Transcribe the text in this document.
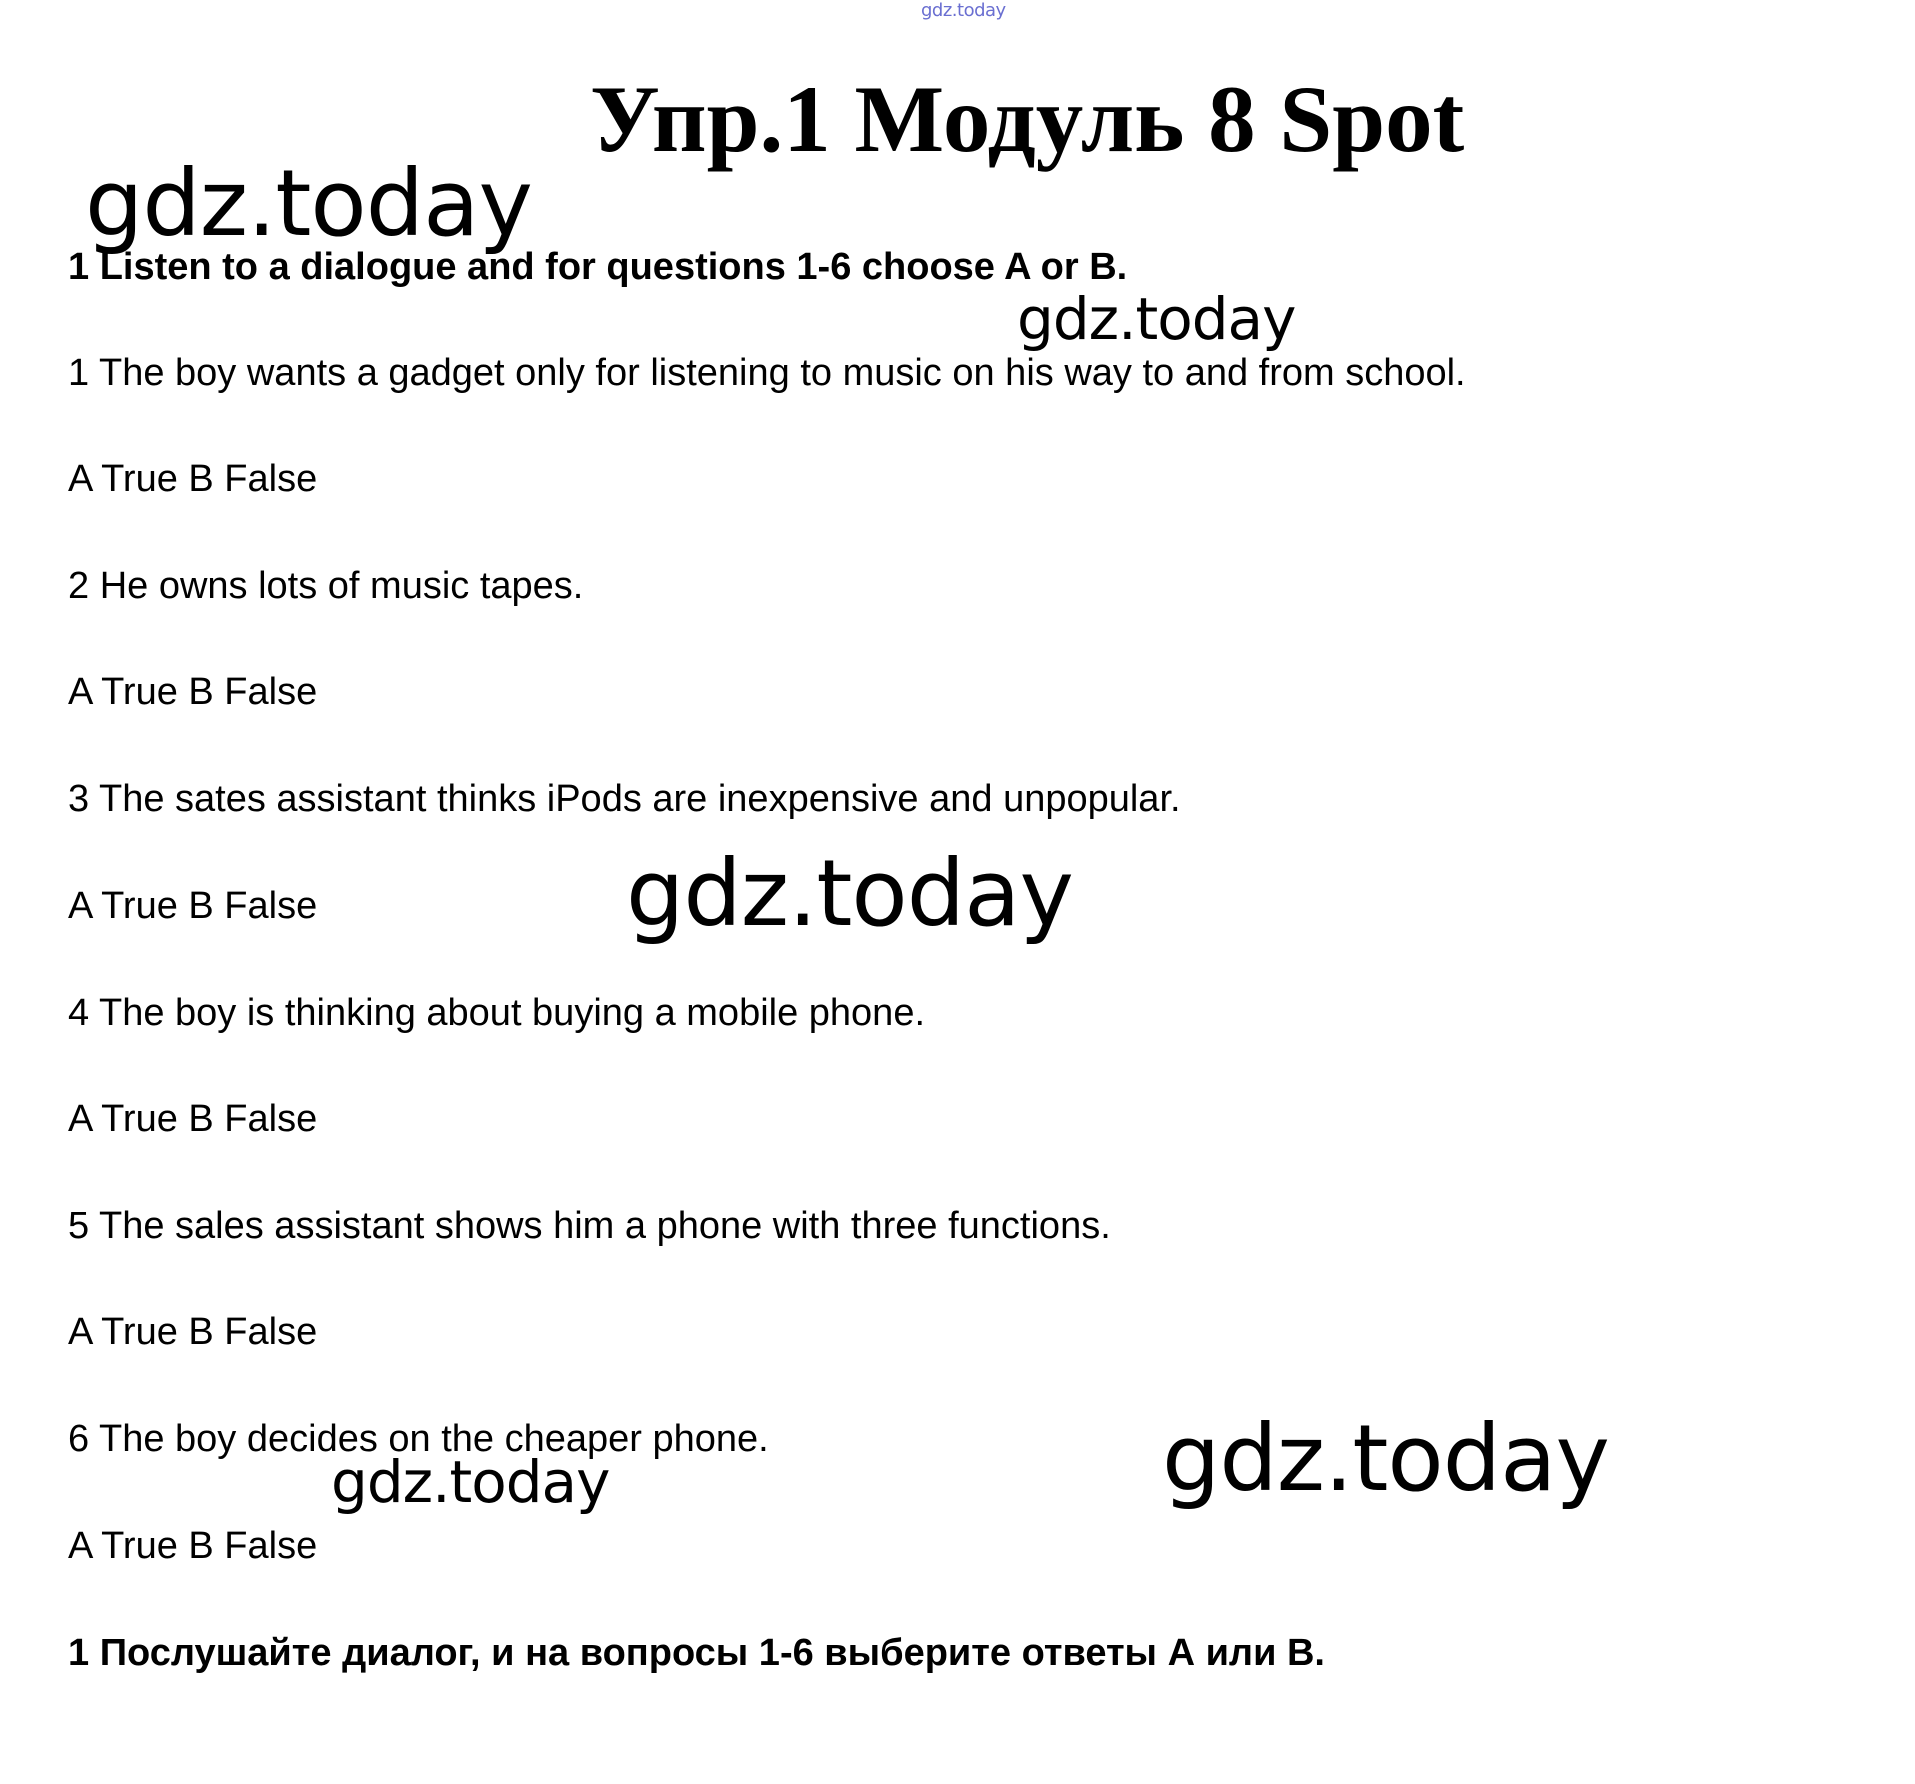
gdz.today
Упр.1 Модуль 8 Spot
gdz.today
gdz.today
gdz.today
gdz.today
gdz.today
1 Listen to a dialogue and for questions 1-6 choose A or B.
1 The boy wants a gadget only for listening to music on his way to and from school.
A True B False
2 He owns lots of music tapes.
A True B False
3 The sates assistant thinks iPods are inexpensive and unpopular.
A True B False
4 The boy is thinking about buying a mobile phone.
A True B False
5 The sales assistant shows him a phone with three functions.
A True B False
6 The boy decides on the cheaper phone.
A True B False
1 Послушайте диалог, и на вопросы 1-6 выберите ответы А или В.
